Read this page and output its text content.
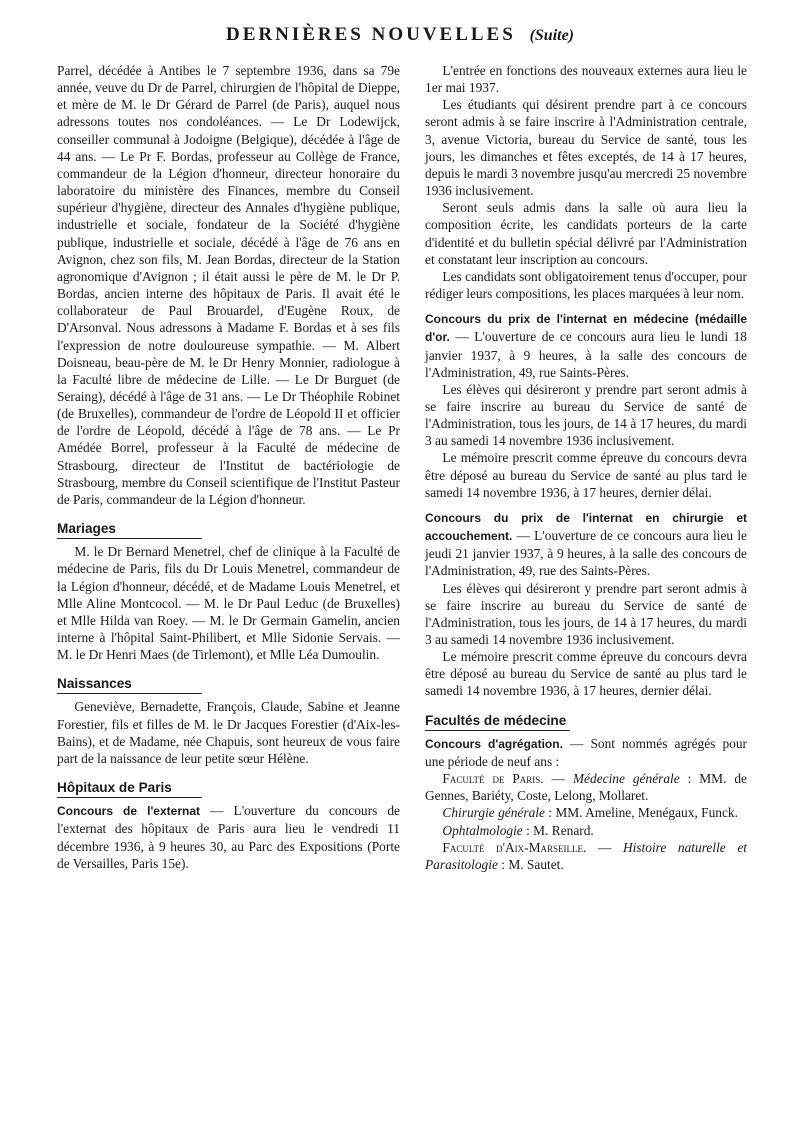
DERNIÈRES NOUVELLES (Suite)

Parrel, décédée à Antibes le 7 septembre 1936, dans sa 79e année, veuve du Dr de Parrel, chirurgien de l'hôpital de Dieppe, et mère de M. le Dr Gérard de Parrel (de Paris), auquel nous adressons toutes nos condoléances. — Le Dr Lodewijck, conseiller communal à Jodoigne (Belgique), décédée à l'âge de 44 ans. — Le Pr F. Bordas, professeur au Collège de France, commandeur de la Légion d'honneur, directeur honoraire du laboratoire du ministère des Finances, membre du Conseil supérieur d'hygiène, directeur des Annales d'hygiène publique, industrielle et sociale, fondateur de la Société d'hygiène publique, industrielle et sociale, décédé à l'âge de 76 ans en Avignon, chez son fils, M. Jean Bordas, directeur de la Station agronomique d'Avignon ; il était aussi le père de M. le Dr P. Bordas, ancien interne des hôpitaux de Paris. Il avait été le collaborateur de Paul Brouardel, d'Eugène Roux, de D'Arsonval. Nous adressons à Madame F. Bordas et à ses fils l'expression de notre douloureuse sympathie. — M. Albert Doisneau, beau-père de M. le Dr Henry Monnier, radiologue à la Faculté libre de médecine de Lille. — Le Dr Burguet (de Seraing), décédé à l'âge de 31 ans. — Le Dr Théophile Robinet (de Bruxelles), commandeur de l'ordre de Léopold II et officier de l'ordre de Léopold, décédé à l'âge de 78 ans. — Le Pr Amédée Borrel, professeur à la Faculté de médecine de Strasbourg, directeur de l'Institut de bactériologie de Strasbourg, membre du Conseil scientifique de l'Institut Pasteur de Paris, commandeur de la Légion d'honneur.

Mariages

M. le Dr Bernard Menetrel, chef de clinique à la Faculté de médecine de Paris, fils du Dr Louis Menetrel, commandeur de la Légion d'honneur, décédé, et de Madame Louis Menetrel, et Mlle Aline Montcocol. — M. le Dr Paul Leduc (de Bruxelles) et Mlle Hilda van Roey. — M. le Dr Germain Gamelin, ancien interne à l'hôpital Saint-Philibert, et Mlle Sidonie Servais. — M. le Dr Henri Maes (de Tirlemont), et Mlle Léa Dumoulin.

Naissances

Geneviève, Bernadette, François, Claude, Sabine et Jeanne Forestier, fils et filles de M. le Dr Jacques Forestier (d'Aix-les-Bains), et de Madame, née Chapuis, sont heureux de vous faire part de la naissance de leur petite sœur Hélène.

Hôpitaux de Paris

Concours de l'externat — L'ouverture du concours de l'externat des hôpitaux de Paris aura lieu le vendredi 11 décembre 1936, à 9 heures 30, au Parc des Expositions (Porte de Versailles, Paris 15e).

L'entrée en fonctions des nouveaux externes aura lieu le 1er mai 1937.

Les étudiants qui désirent prendre part à ce concours seront admis à se faire inscrire à l'Administration centrale, 3, avenue Victoria, bureau du Service de santé, tous les jours, les dimanches et fêtes exceptés, de 14 à 17 heures, depuis le mardi 3 novembre jusqu'au mercredi 25 novembre 1936 inclusivement.

Seront seuls admis dans la salle où aura lieu la composition écrite, les candidats porteurs de la carte d'identité et du bulletin spécial délivré par l'Administration et constatant leur inscription au concours.

Les candidats sont obligatoirement tenus d'occuper, pour rédiger leurs compositions, les places marquées à leur nom.

Concours du prix de l'internat en médecine (médaille d'or. — L'ouverture de ce concours aura lieu le lundi 18 janvier 1937, à 9 heures, à la salle des concours de l'Administration, 49, rue Saints-Pères.

Les élèves qui désireront y prendre part seront admis à se faire inscrire au bureau du Service de santé de l'Administration, tous les jours, de 14 à 17 heures, du mardi 3 au samedi 14 novembre 1936 inclusivement.

Le mémoire prescrit comme épreuve du concours devra être déposé au bureau du Service de santé au plus tard le samedi 14 novembre 1936, à 17 heures, dernier délai.

Concours du prix de l'internat en chirurgie et accouchement. — L'ouverture de ce concours aura lieu le jeudi 21 janvier 1937, à 9 heures, à la salle des concours de l'Administration, 49, rue des Saints-Pères.

Les élèves qui désireront y prendre part seront admis à se faire inscrire au bureau du Service de santé de l'Administration, tous les jours, de 14 à 17 heures, du mardi 3 au samedi 14 novembre 1936 inclusivement.

Le mémoire prescrit comme épreuve du concours devra être déposé au bureau du Service de santé au plus tard le samedi 14 novembre 1936, à 17 heures, dernier délai.

Facultés de médecine

Concours d'agrégation. — Sont nommés agrégés pour une période de neuf ans :

Faculté de Paris. — Médecine générale : MM. de Gennes, Bariéty, Coste, Lelong, Mollaret.

Chirurgie générale : MM. Ameline, Menégaux, Funck.

Ophtalmologie : M. Renard.

Faculté d'Aix-Marseille. — Histoire naturelle et Parasitologie : M. Sautet.
